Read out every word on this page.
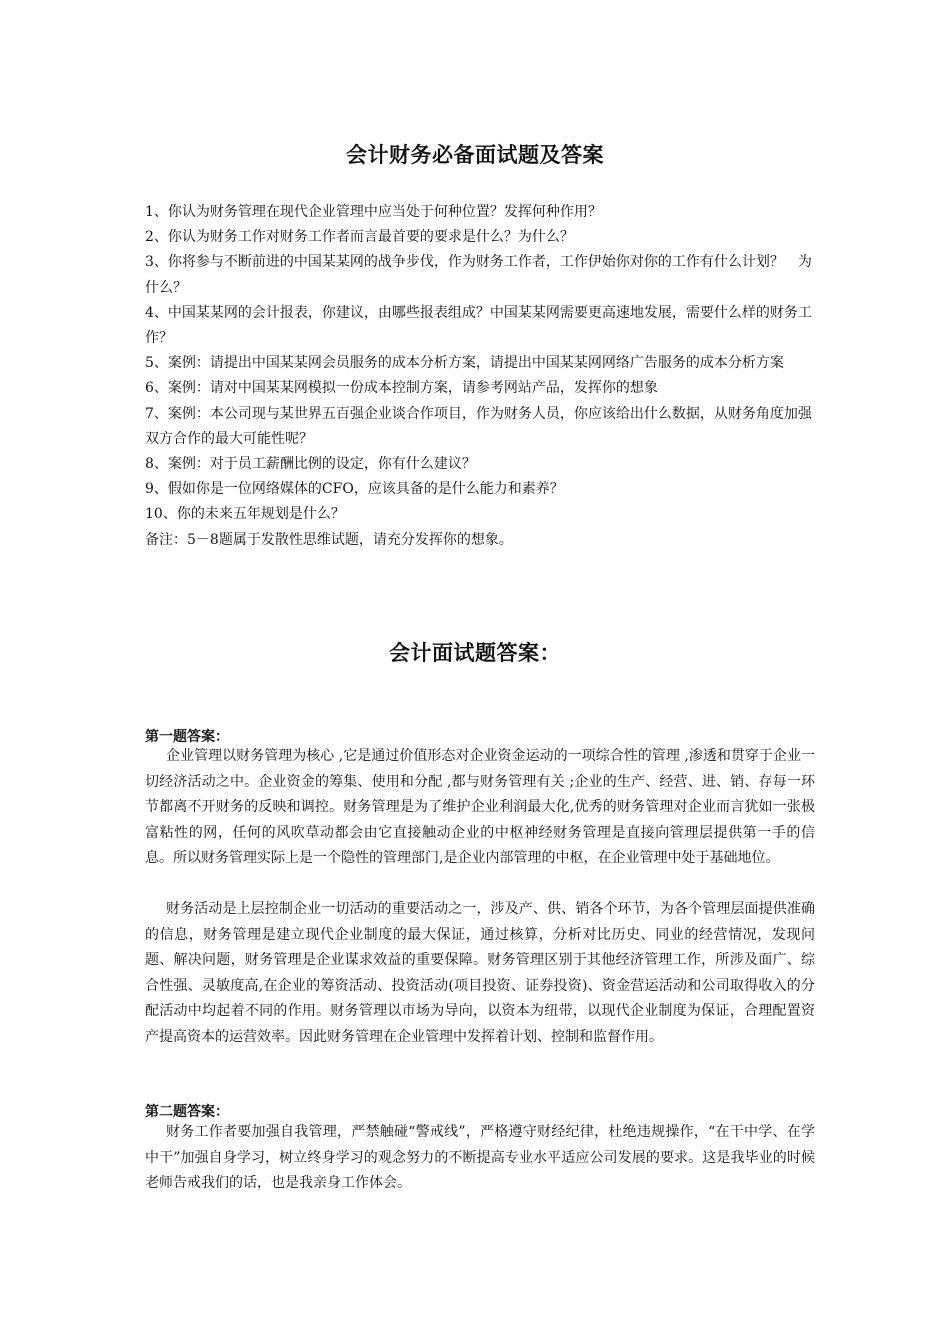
会计财务必备面试题及答案
1、你认为财务管理在现代企业管理中应当处于何种位置？发挥何种作用？
2、你认为财务工作对财务工作者而言最首要的要求是什么？为什么？
3、你将参与不断前进的中国某某网的战争步伐，作为财务工作者，工作伊始你对你的工作有什么计划？　为什么？
4、中国某某网的会计报表，你建议，由哪些报表组成？中国某某网需要更高速地发展，需要什么样的财务工作？
5、案例：请提出中国某某网会员服务的成本分析方案，请提出中国某某网网络广告服务的成本分析方案
6、案例：请对中国某某网模拟一份成本控制方案，请参考网站产品，发挥你的想象
7、案例：本公司现与某世界五百强企业谈合作项目，作为财务人员，你应该给出什么数据，从财务角度加强双方合作的最大可能性呢？
8、案例：对于员工薪酬比例的设定，你有什么建议？
9、假如你是一位网络媒体的CFO，应该具备的是什么能力和素养？
10、你的未来五年规划是什么？
备注：5－8题属于发散性思维试题，请充分发挥你的想象。
会计面试题答案：
第一题答案：
企业管理以财务管理为核心 ,它是通过价值形态对企业资金运动的一项综合性的管理 ,渗透和贯穿于企业一切经济活动之中。企业资金的筹集、使用和分配 ,都与财务管理有关 ;企业的生产、经营、进、销、存每一环节都离不开财务的反映和调控。财务管理是为了维护企业利润最大化,优秀的财务管理对企业而言犹如一张极富粘性的网，任何的风吹草动都会由它直接触动企业的中枢神经财务管理是直接向管理层提供第一手的信息。所以财务管理实际上是一个隐性的管理部门,是企业内部管理的中枢，在企业管理中处于基础地位。
财务活动是上层控制企业一切活动的重要活动之一，涉及产、供、销各个环节，为各个管理层面提供准确的信息，财务管理是建立现代企业制度的最大保证，通过核算，分析对比历史、同业的经营情况，发现问题、解决问题，财务管理是企业谋求效益的重要保障。财务管理区别于其他经济管理工作，所涉及面广、综合性强、灵敏度高,在企业的筹资活动、投资活动(项目投资、证券投资)、资金营运活动和公司取得收入的分配活动中均起着不同的作用。财务管理以市场为导向，以资本为纽带，以现代企业制度为保证，合理配置资产提高资本的运营效率。因此财务管理在企业管理中发挥着计划、控制和监督作用。
第二题答案：
财务工作者要加强自我管理，严禁触碰“警戒线”，严格遵守财经纪律，杜绝违规操作，“在干中学、在学中干”加强自身学习，树立终身学习的观念努力的不断提高专业水平适应公司发展的要求。这是我毕业的时候老师告戒我们的话，也是我亲身工作体会。
